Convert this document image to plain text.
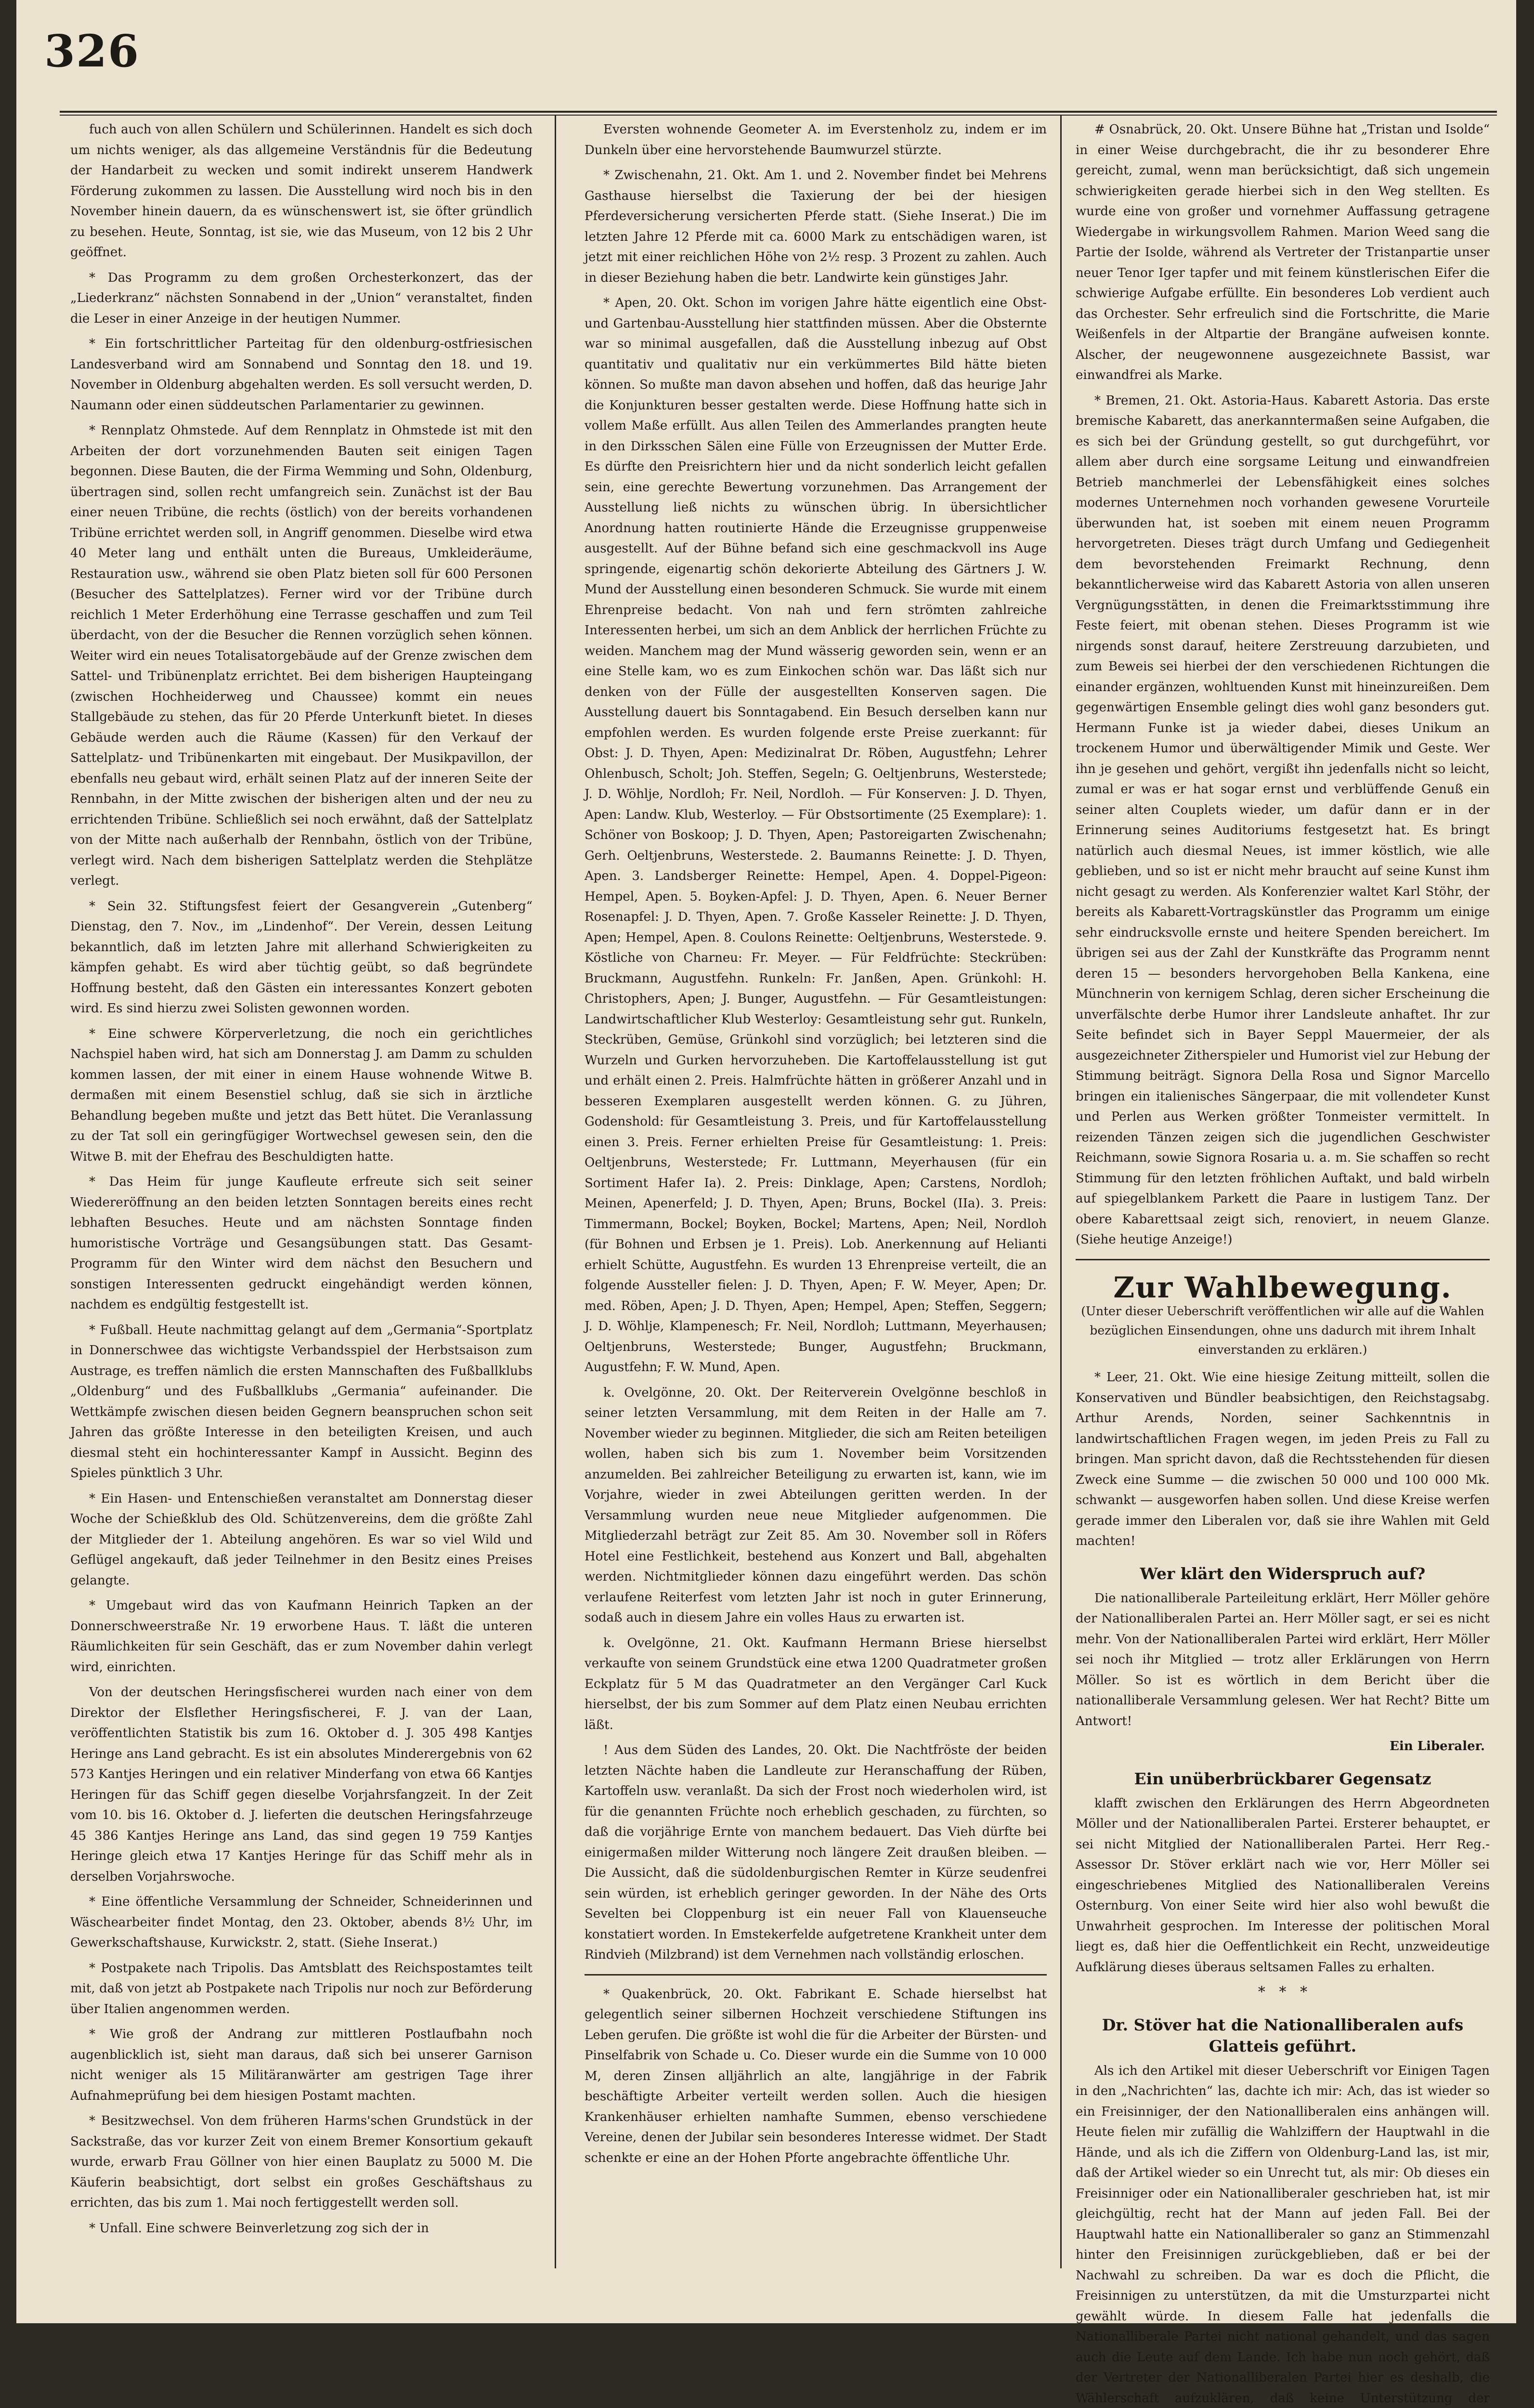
326

fuch auch von allen Schülern und Schülerinnen. Handelt es sich doch um nichts weniger, als das allgemeine Verständnis für die Bedeutung der Handarbeit zu wecken und somit indirekt unserem Handwerk Förderung zukommen zu lassen. Die Ausstellung wird noch bis in den November hinein dauern, da es wünschenswert ist, sie öfter gründlich zu besehen. Heute, Sonntag, ist sie, wie das Museum, von 12 bis 2 Uhr geöffnet.

* Das Programm zu dem großen Orchesterkonzert, das der „Liederkranz“ nächsten Sonnabend in der „Union“ veranstaltet, finden die Leser in einer Anzeige in der heutigen Nummer.

* Ein fortschrittlicher Parteitag für den oldenburg-ostfriesischen Landesverband wird am Sonnabend und Sonntag den 18. und 19. November in Oldenburg abgehalten werden. Es soll versucht werden, D. Naumann oder einen süddeutschen Parlamentarier zu gewinnen.

* Rennplatz Ohmstede. Auf dem Rennplatz in Ohmstede ist mit den Arbeiten der dort vorzunehmenden Bauten seit einigen Tagen begonnen. Diese Bauten, die der Firma Wemming und Sohn, Oldenburg, übertragen sind, sollen recht umfangreich sein. Zunächst ist der Bau einer neuen Tribüne, die rechts (östlich) von der bereits vorhandenen Tribüne errichtet werden soll, in Angriff genommen. Dieselbe wird etwa 40 Meter lang und enthält unten die Bureaus, Umkleideräume, Restauration usw., während sie oben Platz bieten soll für 600 Personen (Besucher des Sattelplatzes). Ferner wird vor der Tribüne durch reichlich 1 Meter Erderhöhung eine Terrasse geschaffen und zum Teil überdacht, von der die Besucher die Rennen vorzüglich sehen können. Weiter wird ein neues Totalisatorgebäude auf der Grenze zwischen dem Sattel- und Tribünenplatz errichtet. Bei dem bisherigen Haupteingang (zwischen Hochheiderweg und Chaussee) kommt ein neues Stallgebäude zu stehen, das für 20 Pferde Unterkunft bietet. In dieses Gebäude werden auch die Räume (Kassen) für den Verkauf der Sattelplatz- und Tribünenkarten mit eingebaut. Der Musikpavillon, der ebenfalls neu gebaut wird, erhält seinen Platz auf der inneren Seite der Rennbahn, in der Mitte zwischen der bisherigen alten und der neu zu errichtenden Tribüne. Schließlich sei noch erwähnt, daß der Sattelplatz von der Mitte nach außerhalb der Rennbahn, östlich von der Tribüne, verlegt wird. Nach dem bisherigen Sattelplatz werden die Stehplätze verlegt.

* Sein 32. Stiftungsfest feiert der Gesangverein „Gutenberg“ Dienstag, den 7. Nov., im „Lindenhof“. Der Verein, dessen Leitung bekanntlich, daß im letzten Jahre mit allerhand Schwierigkeiten zu kämpfen gehabt. Es wird aber tüchtig geübt, so daß begründete Hoffnung besteht, daß den Gästen ein interessantes Konzert geboten wird. Es sind hierzu zwei Solisten gewonnen worden.

* Eine schwere Körperverletzung, die noch ein gerichtliches Nachspiel haben wird, hat sich am Donnerstag J. am Damm zu schulden kommen lassen, der mit einer in einem Hause wohnende Witwe B. dermaßen mit einem Besenstiel schlug, daß sie sich in ärztliche Behandlung begeben mußte und jetzt das Bett hütet. Die Veranlassung zu der Tat soll ein geringfügiger Wortwechsel gewesen sein, den die Witwe B. mit der Ehefrau des Beschuldigten hatte.

* Das Heim für junge Kaufleute erfreute sich seit seiner Wiedereröffnung an den beiden letzten Sonntagen bereits eines recht lebhaften Besuches. Heute und am nächsten Sonntage finden humoristische Vorträge und Gesangsübungen statt. Das Gesamt-Programm für den Winter wird dem nächst den Besuchern und sonstigen Interessenten gedruckt eingehändigt werden können, nachdem es endgültig festgestellt ist.

* Fußball. Heute nachmittag gelangt auf dem „Germania“-Sportplatz in Donnerschwee das wichtigste Verbandsspiel der Herbstsaison zum Austrage, es treffen nämlich die ersten Mannschaften des Fußballklubs „Oldenburg“ und des Fußballklubs „Germania“ aufeinander. Die Wettkämpfe zwischen diesen beiden Gegnern beanspruchen schon seit Jahren das größte Interesse in den beteiligten Kreisen, und auch diesmal steht ein hochinteressanter Kampf in Aussicht. Beginn des Spieles pünktlich 3 Uhr.

* Ein Hasen- und Entenschießen veranstaltet am Donnerstag dieser Woche der Schießklub des Old. Schützenvereins, dem die größte Zahl der Mitglieder der 1. Abteilung angehören. Es war so viel Wild und Geflügel angekauft, daß jeder Teilnehmer in den Besitz eines Preises gelangte.

* Umgebaut wird das von Kaufmann Heinrich Tapken an der Donnerschweerstraße Nr. 19 erworbene Haus. T. läßt die unteren Räumlichkeiten für sein Geschäft, das er zum November dahin verlegt wird, einrichten.

Von der deutschen Heringsfischerei wurden nach einer von dem Direktor der Elsflether Heringsfischerei, F. J. van der Laan, veröffentlichten Statistik bis zum 16. Oktober d. J. 305 498 Kantjes Heringe ans Land gebracht. Es ist ein absolutes Minderergebnis von 62 573 Kantjes Heringen und ein relativer Minderfang von etwa 66 Kantjes Heringen für das Schiff gegen dieselbe Vorjahrsfangzeit. In der Zeit vom 10. bis 16. Oktober d. J. lieferten die deutschen Heringsfahrzeuge 45 386 Kantjes Heringe ans Land, das sind gegen 19 759 Kantjes Heringe gleich etwa 17 Kantjes Heringe für das Schiff mehr als in derselben Vorjahrswoche.

* Eine öffentliche Versammlung der Schneider, Schneiderinnen und Wäschearbeiter findet Montag, den 23. Oktober, abends 8½ Uhr, im Gewerkschaftshause, Kurwickstr. 2, statt. (Siehe Inserat.)

* Postpakete nach Tripolis. Das Amtsblatt des Reichspostamtes teilt mit, daß von jetzt ab Postpakete nach Tripolis nur noch zur Beförderung über Italien angenommen werden.

* Wie groß der Andrang zur mittleren Postlaufbahn noch augenblicklich ist, sieht man daraus, daß sich bei unserer Garnison nicht weniger als 15 Militäranwärter am gestrigen Tage ihrer Aufnahmeprüfung bei dem hiesigen Postamt machten.

* Besitzwechsel. Von dem früheren Harms'schen Grundstück in der Sackstraße, das vor kurzer Zeit von einem Bremer Konsortium gekauft wurde, erwarb Frau Göllner von hier einen Bauplatz zu 5000 M. Die Käuferin beabsichtigt, dort selbst ein großes Geschäftshaus zu errichten, das bis zum 1. Mai noch fertiggestellt werden soll.

* Unfall. Eine schwere Beinverletzung zog sich der in

Eversten wohnende Geometer A. im Everstenholz zu, indem er im Dunkeln über eine hervorstehende Baumwurzel stürzte.

* Zwischenahn, 21. Okt. Am 1. und 2. November findet bei Mehrens Gasthause hierselbst die Taxierung der bei der hiesigen Pferdeversicherung versicherten Pferde statt. (Siehe Inserat.) Die im letzten Jahre 12 Pferde mit ca. 6000 Mark zu entschädigen waren, ist jetzt mit einer reichlichen Höhe von 2½ resp. 3 Prozent zu zahlen. Auch in dieser Beziehung haben die betr. Landwirte kein günstiges Jahr.

* Apen, 20. Okt. Schon im vorigen Jahre hätte eigentlich eine Obst- und Gartenbau-Ausstellung hier stattfinden müssen. Aber die Obsternte war so minimal ausgefallen, daß die Ausstellung inbezug auf Obst quantitativ und qualitativ nur ein verkümmertes Bild hätte bieten können. So mußte man davon absehen und hoffen, daß das heurige Jahr die Konjunkturen besser gestalten werde. Diese Hoffnung hatte sich in vollem Maße erfüllt. Aus allen Teilen des Ammerlandes prangten heute in den Dirksschen Sälen eine Fülle von Erzeugnissen der Mutter Erde. Es dürfte den Preisrichtern hier und da nicht sonderlich leicht gefallen sein, eine gerechte Bewertung vorzunehmen. Das Arrangement der Ausstellung ließ nichts zu wünschen übrig. In übersichtlicher Anordnung hatten routinierte Hände die Erzeugnisse gruppenweise ausgestellt. Auf der Bühne befand sich eine geschmackvoll ins Auge springende, eigenartig schön dekorierte Abteilung des Gärtners J. W. Mund der Ausstellung einen besonderen Schmuck. Sie wurde mit einem Ehrenpreise bedacht. Von nah und fern strömten zahlreiche Interessenten herbei, um sich an dem Anblick der herrlichen Früchte zu weiden. Manchem mag der Mund wässerig geworden sein, wenn er an eine Stelle kam, wo es zum Einkochen schön war. Das läßt sich nur denken von der Fülle der ausgestellten Konserven sagen. Die Ausstellung dauert bis Sonntagabend. Ein Besuch derselben kann nur empfohlen werden. Es wurden folgende erste Preise zuerkannt: für Obst: J. D. Thyen, Apen: Medizinalrat Dr. Röben, Augustfehn; Lehrer Ohlenbusch, Scholt; Joh. Steffen, Segeln; G. Oeltjenbruns, Westerstede; J. D. Wöhlje, Nordloh; Fr. Neil, Nordloh. — Für Konserven: J. D. Thyen, Apen: Landw. Klub, Westerloy. — Für Obstsortimente (25 Exemplare): 1. Schöner von Boskoop; J. D. Thyen, Apen; Pastoreigarten Zwischenahn; Gerh. Oeltjenbruns, Westerstede. 2. Baumanns Reinette: J. D. Thyen, Apen. 3. Landsberger Reinette: Hempel, Apen. 4. Doppel-Pigeon: Hempel, Apen. 5. Boyken-Apfel: J. D. Thyen, Apen. 6. Neuer Berner Rosenapfel: J. D. Thyen, Apen. 7. Große Kasseler Reinette: J. D. Thyen, Apen; Hempel, Apen. 8. Coulons Reinette: Oeltjenbruns, Westerstede. 9. Köstliche von Charneu: Fr. Meyer. — Für Feldfrüchte: Steckrüben: Bruckmann, Augustfehn. Runkeln: Fr. Janßen, Apen. Grünkohl: H. Christophers, Apen; J. Bunger, Augustfehn. — Für Gesamtleistungen: Landwirtschaftlicher Klub Westerloy: Gesamtleistung sehr gut. Runkeln, Steckrüben, Gemüse, Grünkohl sind vorzüglich; bei letzteren sind die Wurzeln und Gurken hervorzuheben. Die Kartoffelausstellung ist gut und erhält einen 2. Preis. Halmfrüchte hätten in größerer Anzahl und in besseren Exemplaren ausgestellt werden können. G. zu Jühren, Godenshold: für Gesamtleistung 3. Preis, und für Kartoffelausstellung einen 3. Preis. Ferner erhielten Preise für Gesamtleistung: 1. Preis: Oeltjenbruns, Westerstede; Fr. Luttmann, Meyerhausen (für ein Sortiment Hafer Ia). 2. Preis: Dinklage, Apen; Carstens, Nordloh; Meinen, Apenerfeld; J. D. Thyen, Apen; Bruns, Bockel (IIa). 3. Preis: Timmermann, Bockel; Boyken, Bockel; Martens, Apen; Neil, Nordloh (für Bohnen und Erbsen je 1. Preis). Lob. Anerkennung auf Helianti erhielt Schütte, Augustfehn. Es wurden 13 Ehrenpreise verteilt, die an folgende Aussteller fielen: J. D. Thyen, Apen; F. W. Meyer, Apen; Dr. med. Röben, Apen; J. D. Thyen, Apen; Hempel, Apen; Steffen, Seggern; J. D. Wöhlje, Klampenesch; Fr. Neil, Nordloh; Luttmann, Meyerhausen; Oeltjenbruns, Westerstede; Bunger, Augustfehn; Bruckmann, Augustfehn; F. W. Mund, Apen.

k. Ovelgönne, 20. Okt. Der Reiterverein Ovelgönne beschloß in seiner letzten Versammlung, mit dem Reiten in der Halle am 7. November wieder zu beginnen. Mitglieder, die sich am Reiten beteiligen wollen, haben sich bis zum 1. November beim Vorsitzenden anzumelden. Bei zahlreicher Beteiligung zu erwarten ist, kann, wie im Vorjahre, wieder in zwei Abteilungen geritten werden. In der Versammlung wurden neue neue Mitglieder aufgenommen. Die Mitgliederzahl beträgt zur Zeit 85. Am 30. November soll in Röfers Hotel eine Festlichkeit, bestehend aus Konzert und Ball, abgehalten werden. Nichtmitglieder können dazu eingeführt werden. Das schön verlaufene Reiterfest vom letzten Jahr ist noch in guter Erinnerung, sodaß auch in diesem Jahre ein volles Haus zu erwarten ist.

k. Ovelgönne, 21. Okt. Kaufmann Hermann Briese hierselbst verkaufte von seinem Grundstück eine etwa 1200 Quadratmeter großen Eckplatz für 5 M das Quadratmeter an den Vergänger Carl Kuck hierselbst, der bis zum Sommer auf dem Platz einen Neubau errichten läßt.

! Aus dem Süden des Landes, 20. Okt. Die Nachtfröste der beiden letzten Nächte haben die Landleute zur Heranschaffung der Rüben, Kartoffeln usw. veranlaßt. Da sich der Frost noch wiederholen wird, ist für die genannten Früchte noch erheblich geschaden, zu fürchten, so daß die vorjährige Ernte von manchem bedauert. Das Vieh dürfte bei einigermaßen milder Witterung noch längere Zeit draußen bleiben. — Die Aussicht, daß die südoldenburgischen Remter in Kürze seudenfrei sein würden, ist erheblich geringer geworden. In der Nähe des Orts Sevelten bei Cloppenburg ist ein neuer Fall von Klauenseuche konstatiert worden. In Emstekerfelde aufgetretene Krankheit unter dem Rindvieh (Milzbrand) ist dem Vernehmen nach vollständig erloschen.

* Quakenbrück, 20. Okt. Fabrikant E. Schade hierselbst hat gelegentlich seiner silbernen Hochzeit verschiedene Stiftungen ins Leben gerufen. Die größte ist wohl die für die Arbeiter der Bürsten- und Pinselfabrik von Schade u. Co. Dieser wurde ein die Summe von 10 000 M, deren Zinsen alljährlich an alte, langjährige in der Fabrik beschäftigte Arbeiter verteilt werden sollen. Auch die hiesigen Krankenhäuser erhielten namhafte Summen, ebenso verschiedene Vereine, denen der Jubilar sein besonderes Interesse widmet. Der Stadt schenkte er eine an der Hohen Pforte angebrachte öffentliche Uhr.

# Osnabrück, 20. Okt. Unsere Bühne hat „Tristan und Isolde“ in einer Weise durchgebracht, die ihr zu besonderer Ehre gereicht, zumal, wenn man berücksichtigt, daß sich ungemein schwierigkeiten gerade hierbei sich in den Weg stellten. Es wurde eine von großer und vornehmer Auffassung getragene Wiedergabe in wirkungsvollem Rahmen. Marion Weed sang die Partie der Isolde, während als Vertreter der Tristanpartie unser neuer Tenor Iger tapfer und mit feinem künstlerischen Eifer die schwierige Aufgabe erfüllte. Ein besonderes Lob verdient auch das Orchester. Sehr erfreulich sind die Fortschritte, die Marie Weißenfels in der Altpartie der Brangäne aufweisen konnte. Alscher, der neugewonnene ausgezeichnete Bassist, war einwandfrei als Marke.

* Bremen, 21. Okt. Astoria-Haus. Kabarett Astoria. Das erste bremische Kabarett, das anerkanntermaßen seine Aufgaben, die es sich bei der Gründung gestellt, so gut durchgeführt, vor allem aber durch eine sorgsame Leitung und einwandfreien Betrieb manchmerlei der Lebensfähigkeit eines solches modernes Unternehmen noch vorhanden gewesene Vorurteile überwunden hat, ist soeben mit einem neuen Programm hervorgetreten. Dieses trägt durch Umfang und Gediegenheit dem bevorstehenden Freimarkt Rechnung, denn bekanntlicherweise wird das Kabarett Astoria von allen unseren Vergnügungsstätten, in denen die Freimarktsstimmung ihre Feste feiert, mit obenan stehen. Dieses Programm ist wie nirgends sonst darauf, heitere Zerstreuung darzubieten, und zum Beweis sei hierbei der den verschiedenen Richtungen die einander ergänzen, wohltuenden Kunst mit hineinzureißen. Dem gegenwärtigen Ensemble gelingt dies wohl ganz besonders gut. Hermann Funke ist ja wieder dabei, dieses Unikum an trockenem Humor und überwältigender Mimik und Geste. Wer ihn je gesehen und gehört, vergißt ihn jedenfalls nicht so leicht, zumal er was er hat sogar ernst und verblüffende Genuß ein seiner alten Couplets wieder, um dafür dann er in der Erinnerung seines Auditoriums festgesetzt hat. Es bringt natürlich auch diesmal Neues, ist immer köstlich, wie alle geblieben, und so ist er nicht mehr braucht auf seine Kunst ihm nicht gesagt zu werden. Als Konferenzier waltet Karl Stöhr, der bereits als Kabarett-Vortragskünstler das Programm um einige sehr eindrucksvolle ernste und heitere Spenden bereichert. Im übrigen sei aus der Zahl der Kunstkräfte das Programm nennt deren 15 — besonders hervorgehoben Bella Kankena, eine Münchnerin von kernigem Schlag, deren sicher Erscheinung die unverfälschte derbe Humor ihrer Landsleute anhaftet. Ihr zur Seite befindet sich in Bayer Seppl Mauermeier, der als ausgezeichneter Zitherspieler und Humorist viel zur Hebung der Stimmung beiträgt. Signora Della Rosa und Signor Marcello bringen ein italienisches Sängerpaar, die mit vollendeter Kunst und Perlen aus Werken größter Tonmeister vermittelt. In reizenden Tänzen zeigen sich die jugendlichen Geschwister Reichmann, sowie Signora Rosaria u. a. m. Sie schaffen so recht Stimmung für den letzten fröhlichen Auftakt, und bald wirbeln auf spiegelblankem Parkett die Paare in lustigem Tanz. Der obere Kabarettsaal zeigt sich, renoviert, in neuem Glanze. (Siehe heutige Anzeige!)

Zur Wahlbewegung.
(Unter dieser Ueberschrift veröffentlichen wir alle auf die Wahlen bezüglichen Einsendungen, ohne uns dadurch mit ihrem Inhalt einverstanden zu erklären.)

* Leer, 21. Okt. Wie eine hiesige Zeitung mitteilt, sollen die Konservativen und Bündler beabsichtigen, den Reichstagsabg. Arthur Arends, Norden, seiner Sachkenntnis in landwirtschaftlichen Fragen wegen, im jeden Preis zu Fall zu bringen. Man spricht davon, daß die Rechtsstehenden für diesen Zweck eine Summe — die zwischen 50 000 und 100 000 Mk. schwankt — ausgeworfen haben sollen. Und diese Kreise werfen gerade immer den Liberalen vor, daß sie ihre Wahlen mit Geld machten!

Wer klärt den Widerspruch auf?

Die nationalliberale Parteileitung erklärt, Herr Möller gehöre der Nationalliberalen Partei an. Herr Möller sagt, er sei es nicht mehr. Von der Nationalliberalen Partei wird erklärt, Herr Möller sei noch ihr Mitglied — trotz aller Erklärungen von Herrn Möller. So ist es wörtlich in dem Bericht über die nationalliberale Versammlung gelesen. Wer hat Recht? Bitte um Antwort!

Ein Liberaler.
Ein unüberbrückbarer Gegensatz

klafft zwischen den Erklärungen des Herrn Abgeordneten Möller und der Nationalliberalen Partei. Ersterer behauptet, er sei nicht Mitglied der Nationalliberalen Partei. Herr Reg.-Assessor Dr. Stöver erklärt nach wie vor, Herr Möller sei eingeschriebenes Mitglied des Nationalliberalen Vereins Osternburg. Von einer Seite wird hier also wohl bewußt die Unwahrheit gesprochen. Im Interesse der politischen Moral liegt es, daß hier die Oeffentlichkeit ein Recht, unzweideutige Aufklärung dieses überaus seltsamen Falles zu erhalten.

*   *   *
Dr. Stöver hat die Nationalliberalen aufs Glatteis geführt.

Als ich den Artikel mit dieser Ueberschrift vor Einigen Tagen in den „Nachrichten“ las, dachte ich mir: Ach, das ist wieder so ein Freisinniger, der den Nationalliberalen eins anhängen will. Heute fielen mir zufällig die Wahlziffern der Hauptwahl in die Hände, und als ich die Ziffern von Oldenburg-Land las, ist mir, daß der Artikel wieder so ein Unrecht tut, als mir: Ob dieses ein Freisinniger oder ein Nationalliberaler geschrieben hat, ist mir gleichgültig, recht hat der Mann auf jeden Fall. Bei der Hauptwahl hatte ein Nationalliberaler so ganz an Stimmenzahl hinter den Freisinnigen zurückgeblieben, daß er bei der Nachwahl zu schreiben. Da war es doch die Pflicht, die Freisinnigen zu unterstützen, da mit die Umsturzpartei nicht gewählt würde. In diesem Falle hat jedenfalls die Nationalliberale Partei nicht national gehandelt, und das sagen auch die Leute auf dem Lande. Ich habe nun noch gehört, daß der Vertreter der Nationalliberalen Partei hier es deshalb, die Wählerschaft aufzuklären, daß keine Unterstützung der
